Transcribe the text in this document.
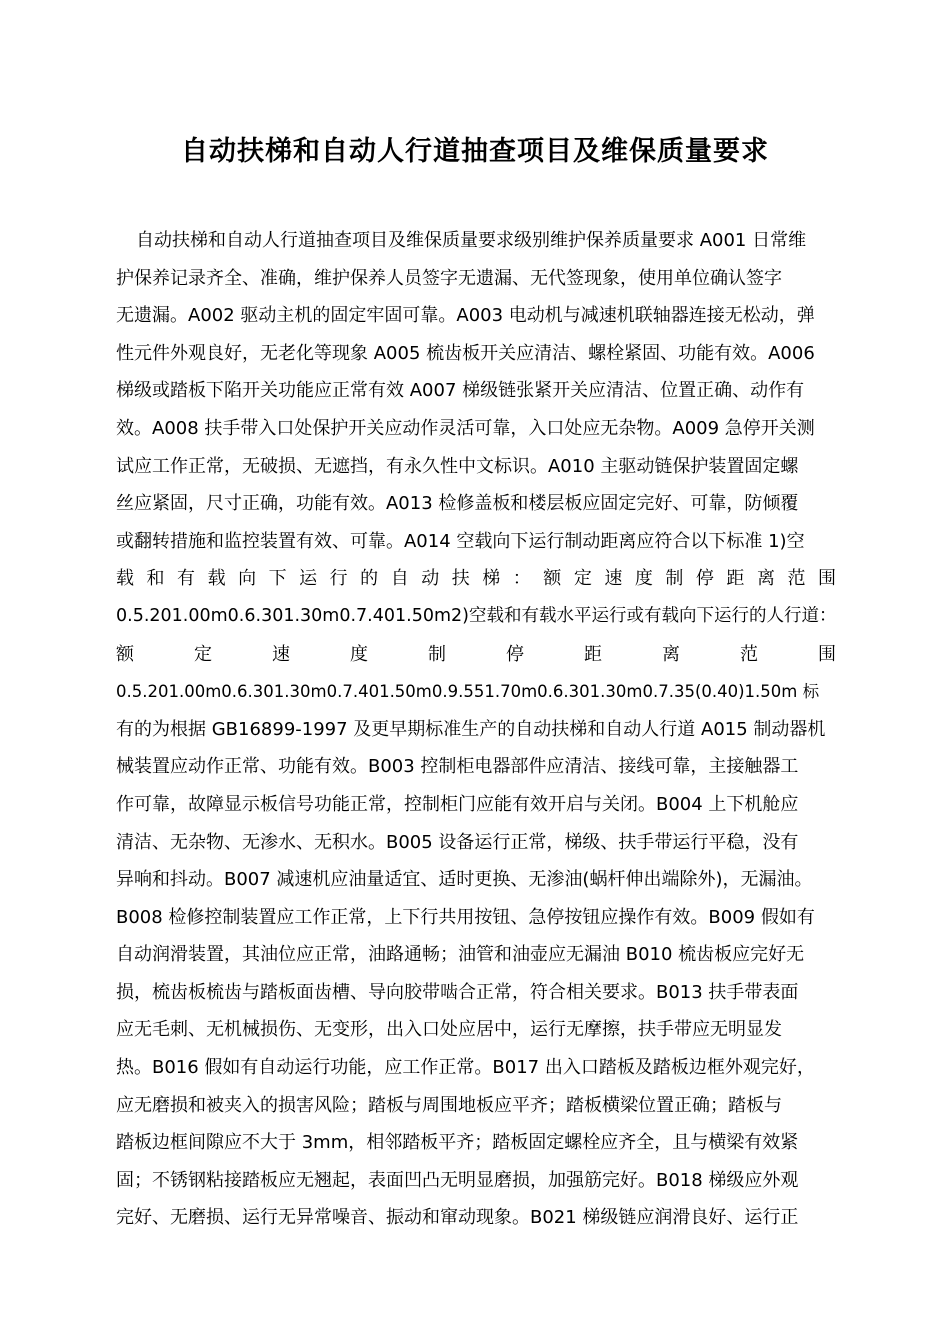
自动扶梯和自动人行道抽查项目及维保质量要求
自动扶梯和自动人行道抽查项目及维保质量要求级别维护保养质量要求 A001 日常维
护保养记录齐全、准确，维护保养人员签字无遗漏、无代签现象，使用单位确认签字
无遗漏。A002 驱动主机的固定牢固可靠。A003 电动机与减速机联轴器连接无松动，弹
性元件外观良好，无老化等现象 A005 梳齿板开关应清洁、螺栓紧固、功能有效。A006
梯级或踏板下陷开关功能应正常有效 A007 梯级链张紧开关应清洁、位置正确、动作有
效。A008 扶手带入口处保护开关应动作灵活可靠，入口处应无杂物。A009 急停开关测
试应工作正常，无破损、无遮挡，有永久性中文标识。A010 主驱动链保护装置固定螺
丝应紧固，尺寸正确，功能有效。A013 检修盖板和楼层板应固定完好、可靠，防倾覆
或翻转措施和监控装置有效、可靠。A014 空载向下运行制动距离应符合以下标准 1)空
载和有载向下运行的自动扶梯：额定速度制停距离范围
0.5.201.00m0.6.301.30m0.7.401.50m2)空载和有载水平运行或有载向下运行的人行道：
额定速度制停距离范围
0.5.201.00m0.6.301.30m0.7.401.50m0.9.551.70m0.6.301.30m0.7.35(0.40)1.50m 标
有的为根据 GB16899-1997 及更早期标准生产的自动扶梯和自动人行道 A015 制动器机
械装置应动作正常、功能有效。B003 控制柜电器部件应清洁、接线可靠，主接触器工
作可靠，故障显示板信号功能正常，控制柜门应能有效开启与关闭。B004 上下机舱应
清洁、无杂物、无渗水、无积水。B005 设备运行正常，梯级、扶手带运行平稳，没有
异响和抖动。B007 减速机应油量适宜、适时更换、无渗油(蜗杆伸出端除外)，无漏油。
B008 检修控制装置应工作正常，上下行共用按钮、急停按钮应操作有效。B009 假如有
自动润滑装置，其油位应正常，油路通畅；油管和油壶应无漏油 B010 梳齿板应完好无
损，梳齿板梳齿与踏板面齿槽、导向胶带啮合正常，符合相关要求。B013 扶手带表面
应无毛刺、无机械损伤、无变形，出入口处应居中，运行无摩擦，扶手带应无明显发
热。B016 假如有自动运行功能，应工作正常。B017 出入口踏板及踏板边框外观完好，
应无磨损和被夹入的损害风险；踏板与周围地板应平齐；踏板横梁位置正确；踏板与
踏板边框间隙应不大于 3mm，相邻踏板平齐；踏板固定螺栓应齐全，且与横梁有效紧
固；不锈钢粘接踏板应无翘起，表面凹凸无明显磨损，加强筋完好。B018 梯级应外观
完好、无磨损、运行无异常噪音、振动和窜动现象。B021 梯级链应润滑良好、运行正
